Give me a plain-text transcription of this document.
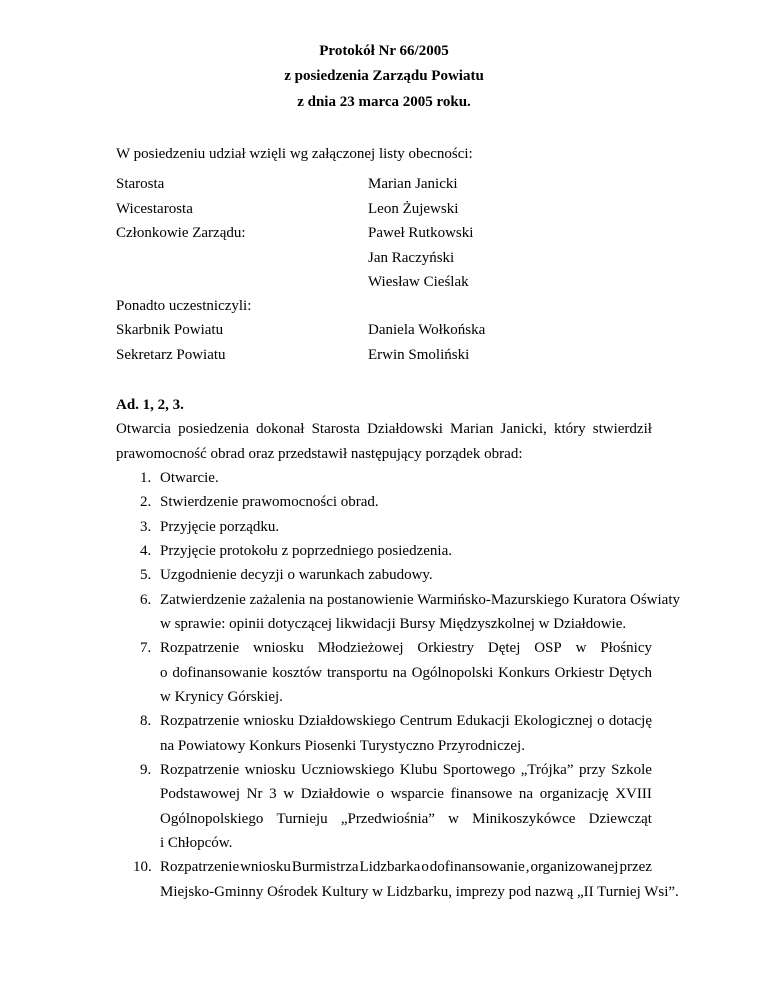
Protokół Nr 66/2005
z posiedzenia Zarządu Powiatu
z dnia 23 marca 2005 roku.
W posiedzeniu udział wzięli wg załączonej listy obecności:
Starosta	Marian Janicki
Wicestarosta	Leon Żujewski
Członkowie Zarządu:	Paweł Rutkowski
Jan Raczyński
Wiesław Cieślak
Ponadto uczestniczyli:
Skarbnik Powiatu	Daniela Wołkońska
Sekretarz Powiatu	Erwin Smoliński
Ad. 1, 2, 3.
Otwarcia posiedzenia dokonał Starosta Działdowski Marian Janicki, który stwierdził
prawomocność obrad oraz przedstawił następujący porządek obrad:
1. Otwarcie.
2. Stwierdzenie prawomocności obrad.
3. Przyjęcie porządku.
4. Przyjęcie protokołu z poprzedniego posiedzenia.
5. Uzgodnienie decyzji o warunkach zabudowy.
6. Zatwierdzenie zażalenia na postanowienie Warmińsko-Mazurskiego Kuratora Oświaty
w sprawie: opinii dotyczącej likwidacji Bursy Międzyszkolnej w Działdowie.
7. Rozpatrzenie wniosku Młodzieżowej Orkiestry Dętej OSP w Płośnicy
o dofinansowanie kosztów transportu na Ogólnopolski Konkurs Orkiestr Dętych
w Krynicy Górskiej.
8. Rozpatrzenie wniosku Działdowskiego Centrum Edukacji Ekologicznej o dotację
na Powiatowy Konkurs Piosenki Turystyczno Przyrodniczej.
9. Rozpatrzenie wniosku Uczniowskiego Klubu Sportowego „Trójka” przy Szkole
Podstawowej Nr 3 w Działdowie o wsparcie finansowe na organizację XVIII
Ogólnopolskiego Turnieju „Przedwiośnia” w Minikoszykówce Dziewcząt
i Chłopców.
10. Rozpatrzenie wniosku Burmistrza Lidzbarka o dofinansowanie , organizowanej przez
Miejsko-Gminny Ośrodek Kultury w Lidzbarku, imprezy pod nazwą „II Turniej Wsi”.
